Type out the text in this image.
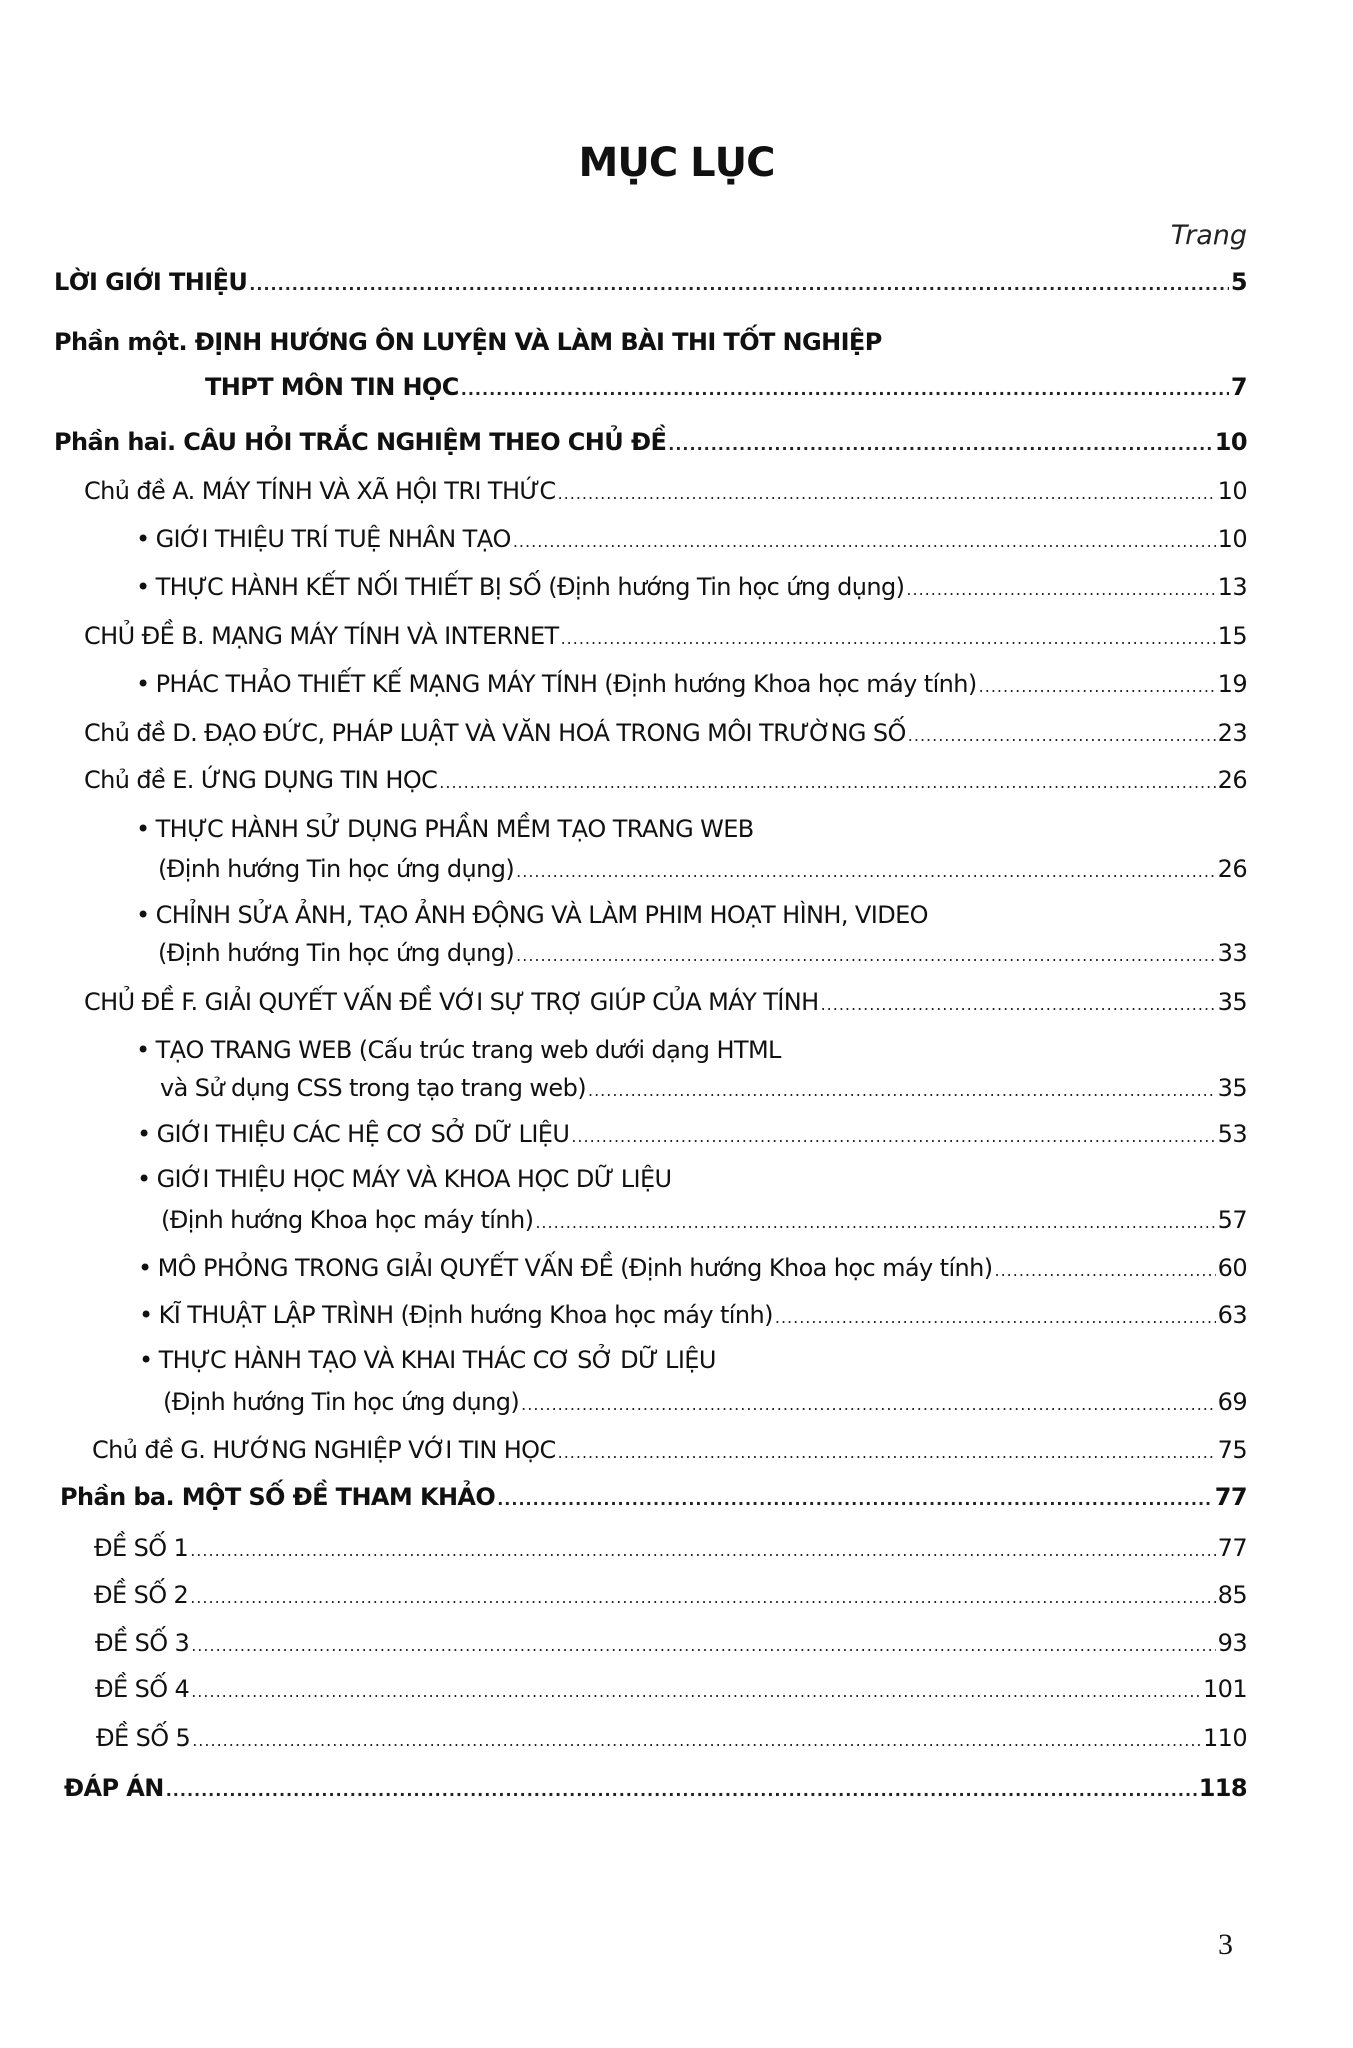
MỤC LỤC
Trang
LỜI GIỚI THIỆU .....	5
Phần một. ĐỊNH HƯỚNG ÔN LUYỆN VÀ LÀM BÀI THI TỐT NGHIỆP
THPT MÔN TIN HỌC .....	7
Phần hai. CÂU HỎI TRẮC NGHIỆM THEO CHỦ ĐỀ .....	10
Chủ đề A. MÁY TÍNH VÀ XÃ HỘI TRI THỨC .....	10
• GIỚI THIỆU TRÍ TUỆ NHÂN TẠO .....	10
• THỰC HÀNH KẾT NỐI THIẾT BỊ SỐ (Định hướng Tin học ứng dụng) .....	13
CHỦ ĐỀ B. MẠNG MÁY TÍNH VÀ INTERNET .....	15
• PHÁC THẢO THIẾT KẾ MẠNG MÁY TÍNH (Định hướng Khoa học máy tính) .....	19
Chủ đề D. ĐẠO ĐỨC, PHÁP LUẬT VÀ VĂN HOÁ TRONG MÔI TRƯỜNG SỐ .....	23
Chủ đề E. ỨNG DỤNG TIN HỌC .....	26
• THỰC HÀNH SỬ DỤNG PHẦN MỀM TẠO TRANG WEB
(Định hướng Tin học ứng dụng) .....	26
• CHỈNH SỬA ẢNH, TẠO ẢNH ĐỘNG VÀ LÀM PHIM HOẠT HÌNH, VIDEO
(Định hướng Tin học ứng dụng) .....	33
CHỦ ĐỀ F. GIẢI QUYẾT VẤN ĐỀ VỚI SỰ TRỢ GIÚP CỦA MÁY TÍNH .....	35
• TẠO TRANG WEB (Cấu trúc trang web dưới dạng HTML
và Sử dụng CSS trong tạo trang web) .....	35
• GIỚI THIỆU CÁC HỆ CƠ SỞ DỮ LIỆU .....	53
• GIỚI THIỆU HỌC MÁY VÀ KHOA HỌC DỮ LIỆU
(Định hướng Khoa học máy tính) .....	57
• MÔ PHỎNG TRONG GIẢI QUYẾT VẤN ĐỀ (Định hướng Khoa học máy tính) .....	60
• KĨ THUẬT LẬP TRÌNH (Định hướng Khoa học máy tính) .....	63
• THỰC HÀNH TẠO VÀ KHAI THÁC CƠ SỞ DỮ LIỆU
(Định hướng Tin học ứng dụng) .....	69
Chủ đề G. HƯỚNG NGHIỆP VỚI TIN HỌC .....	75
Phần ba. MỘT SỐ ĐỀ THAM KHẢO .....	77
ĐỀ SỐ 1 .....	77
ĐỀ SỐ 2 .....	85
ĐỀ SỐ 3 .....	93
ĐỀ SỐ 4 .....	101
ĐỀ SỐ 5 .....	110
ĐÁP ÁN .....	118
3
